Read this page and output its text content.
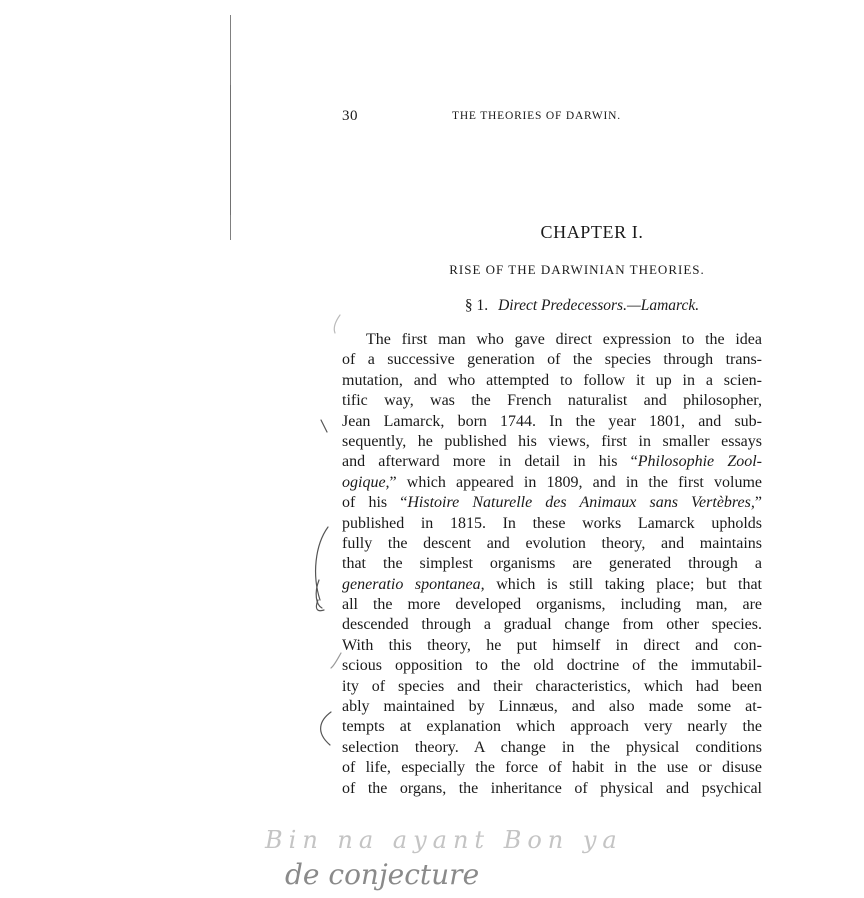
30	THE THEORIES OF DARWIN.
CHAPTER I.
RISE OF THE DARWINIAN THEORIES.
§ 1. Direct Predecessors.—Lamarck.
The first man who gave direct expression to the idea
of a successive generation of the species through trans-
mutation, and who attempted to follow it up in a scien-
tific way, was the French naturalist and philosopher,
Jean Lamarck, born 1744. In the year 1801, and sub-
sequently, he published his views, first in smaller essays
and afterward more in detail in his “Philosophie Zool-
ogique,” which appeared in 1809, and in the first volume
of his “Histoire Naturelle des Animaux sans Vertèbres,”
published in 1815. In these works Lamarck upholds
fully the descent and evolution theory, and maintains
that the simplest organisms are generated through a
generatio spontanea, which is still taking place; but that
all the more developed organisms, including man, are
descended through a gradual change from other species.
With this theory, he put himself in direct and con-
scious opposition to the old doctrine of the immutabil-
ity of species and their characteristics, which had been
ably maintained by Linnæus, and also made some at-
tempts at explanation which approach very nearly the
selection theory. A change in the physical conditions
of life, especially the force of habit in the use or disuse
of the organs, the inheritance of physical and psychical
Bin na ayant Bon ya
de conjecture
